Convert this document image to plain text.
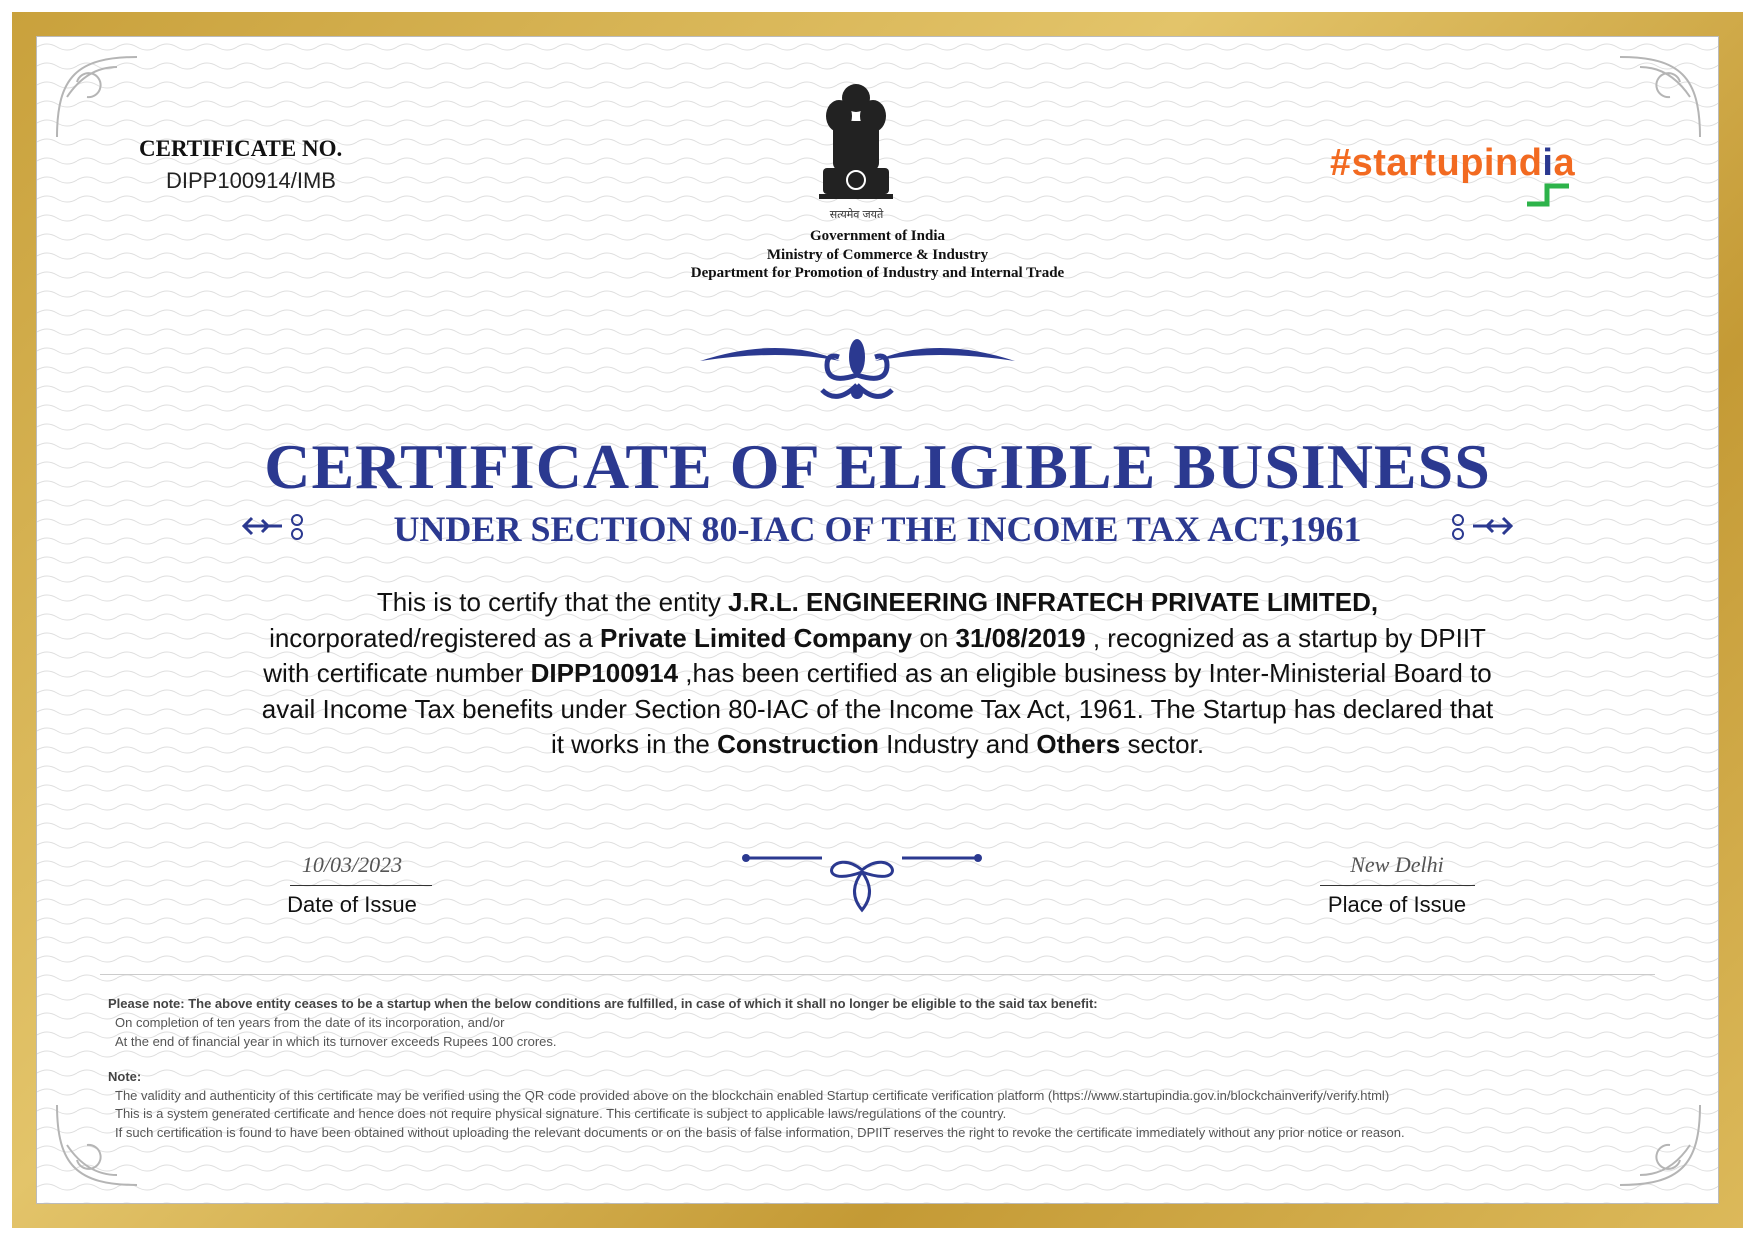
CERTIFICATE NO.
DIPP100914/IMB
सत्यमेव जयते
Government of India
Ministry of Commerce & Industry
Department for Promotion of Industry and Internal Trade
#startupindia
CERTIFICATE OF ELIGIBLE BUSINESS
UNDER SECTION 80-IAC OF THE INCOME TAX ACT,1961
This is to certify that the entity J.R.L. ENGINEERING INFRATECH PRIVATE LIMITED, incorporated/registered as a Private Limited Company on 31/08/2019 , recognized as a startup by DPIIT with certificate number DIPP100914 ,has been certified as an eligible business by Inter-Ministerial Board to avail Income Tax benefits under Section 80-IAC of the Income Tax Act, 1961. The Startup has declared that it works in the Construction Industry and Others sector.
10/03/2023
Date of Issue
New Delhi
Place of Issue
Please note: The above entity ceases to be a startup when the below conditions are fulfilled, in case of which it shall no longer be eligible to the said tax benefit:
On completion of ten years from the date of its incorporation, and/or
At the end of financial year in which its turnover exceeds Rupees 100 crores.
Note:
The validity and authenticity of this certificate may be verified using the QR code provided above on the blockchain enabled Startup certificate verification platform (https://www.startupindia.gov.in/blockchainverify/verify.html)
This is a system generated certificate and hence does not require physical signature. This certificate is subject to applicable laws/regulations of the country.
If such certification is found to have been obtained without uploading the relevant documents or on the basis of false information, DPIIT reserves the right to revoke the certificate immediately without any prior notice or reason.
